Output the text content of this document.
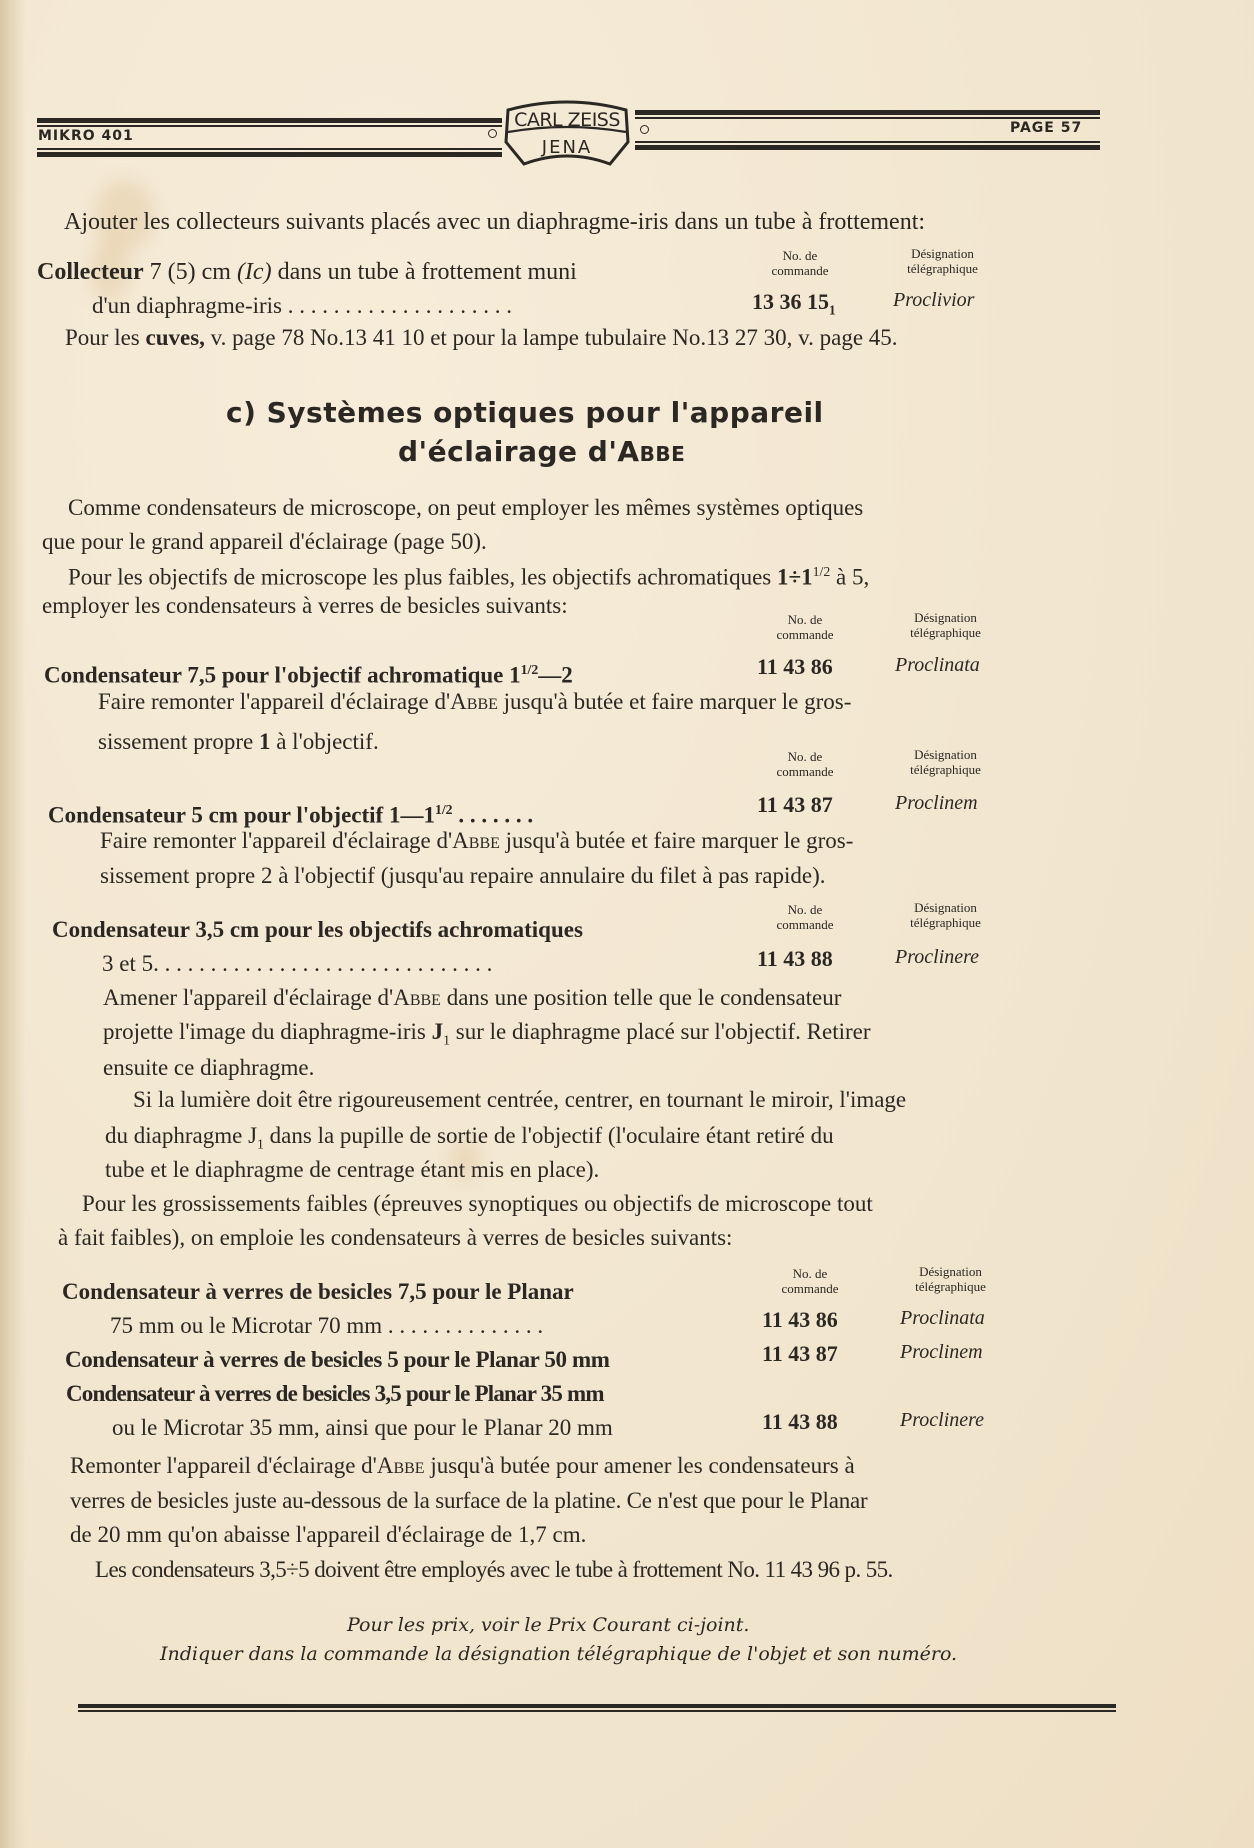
MIKRO 401	PAGE 57
CARL ZEISS
JENA
Ajouter les collecteurs suivants placés avec un diaphragme-iris dans un tube à frottement:
Collecteur 7 (5) cm (Ic) dans un tube à frottement muni
No. de
commande
Désignation
télégraphique
d'un diaphragme-iris . . . . . . . . . . . . . . . . . . . .	13 36 $15_1$	Proclivior
Pour les cuves, v. page 78 No.13 41 10 et pour la lampe tubulaire No.13 27 30, v. page 45.
c) Systèmes optiques pour l'appareil
d'éclairage d'Abbe
Comme condensateurs de microscope, on peut employer les mêmes systèmes optiques
que pour le grand appareil d'éclairage (page 50).
Pour les objectifs de microscope les plus faibles, les objectifs achromatiques $1\div 1^{1/2}$ à 5,
employer les condensateurs à verres de besicles suivants:
No. de
commande
Désignation
télégraphique
Condensateur 7,5 pour l'objectif achromatique $1^{1/2}—2$	11 43 86	Proclinata
Faire remonter l'appareil d'éclairage d'Abbe jusqu'à butée et faire marquer le gros-
sissement propre 1 à l'objectif.
No. de
commande
Désignation
télégraphique
Condensateur 5 cm pour l'objectif $1—1^{1/2}$ . . . . . . .	11 43 87	Proclinem
Faire remonter l'appareil d'éclairage d'Abbe jusqu'à butée et faire marquer le gros-
sissement propre 2 à l'objectif (jusqu'au repaire annulaire du filet à pas rapide).
No. de
commande
Désignation
télégraphique
Condensateur 3,5 cm pour les objectifs achromatiques
3 et 5. . . . . . . . . . . . . . . . . . . . . . . . . . . . . .	11 43 88	Proclinere
Amener l'appareil d'éclairage d'Abbe dans une position telle que le condensateur
projette l'image du diaphragme-iris $J_1$ sur le diaphragme placé sur l'objectif. Retirer
ensuite ce diaphragme.
Si la lumière doit être rigoureusement centrée, centrer, en tournant le miroir, l'image
du diaphragme $J_1$ dans la pupille de sortie de l'objectif (l'oculaire étant retiré du
tube et le diaphragme de centrage étant mis en place).
Pour les grossissements faibles (épreuves synoptiques ou objectifs de microscope tout
à fait faibles), on emploie les condensateurs à verres de besicles suivants:
No. de
commande
Désignation
télégraphique
Condensateur à verres de besicles 7,5 pour le Planar
75 mm ou le Microtar 70 mm . . . . . . . . . . . . . .	11 43 86	Proclinata
Condensateur à verres de besicles 5 pour le Planar 50 mm	11 43 87	Proclinem
Condensateur à verres de besicles 3,5 pour le Planar 35 mm
ou le Microtar 35 mm, ainsi que pour le Planar 20 mm	11 43 88	Proclinere
Remonter l'appareil d'éclairage d'Abbe jusqu'à butée pour amener les condensateurs à
verres de besicles juste au-dessous de la surface de la platine. Ce n'est que pour le Planar
de 20 mm qu'on abaisse l'appareil d'éclairage de 1,7 cm.
Les condensateurs 3,5÷5 doivent être employés avec le tube à frottement No. 11 43 96 p. 55.
Pour les prix, voir le Prix Courant ci-joint.
Indiquer dans la commande la désignation télégraphique de l'objet et son numéro.
